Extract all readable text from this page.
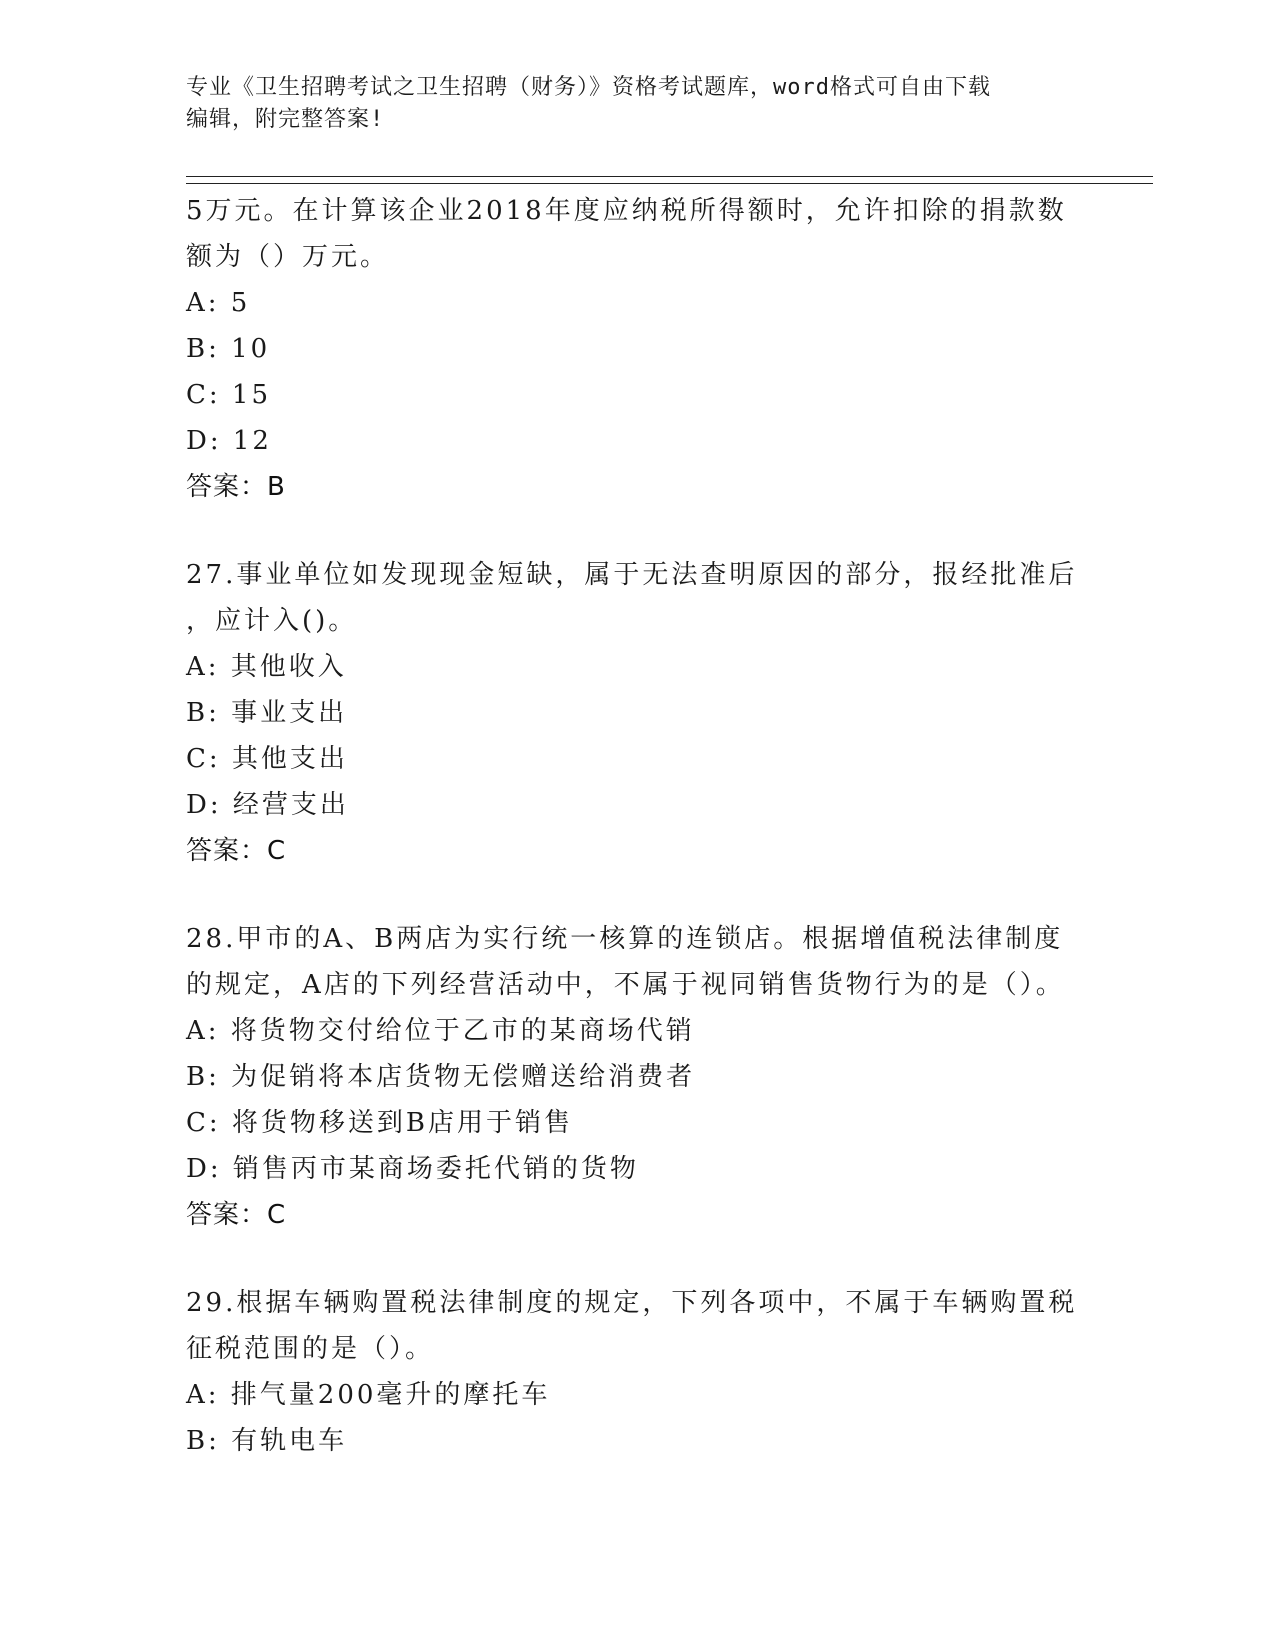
专业《卫生招聘考试之卫生招聘（财务）》资格考试题库，word格式可自由下载
编辑，附完整答案!
5万元。在计算该企业2018年度应纳税所得额时，允许扣除的捐款数
额为（）万元。
A: 5
B: 10
C: 15
D: 12
答案：B
27.事业单位如发现现金短缺，属于无法查明原因的部分，报经批准后
，应计入()。
A: 其他收入
B: 事业支出
C: 其他支出
D: 经营支出
答案：C
28.甲市的A、B两店为实行统一核算的连锁店。根据增值税法律制度
的规定，A店的下列经营活动中，不属于视同销售货物行为的是（）。
A: 将货物交付给位于乙市的某商场代销
B: 为促销将本店货物无偿赠送给消费者
C: 将货物移送到B店用于销售
D: 销售丙市某商场委托代销的货物
答案：C
29.根据车辆购置税法律制度的规定，下列各项中，不属于车辆购置税
征税范围的是（）。
A: 排气量200毫升的摩托车
B: 有轨电车
